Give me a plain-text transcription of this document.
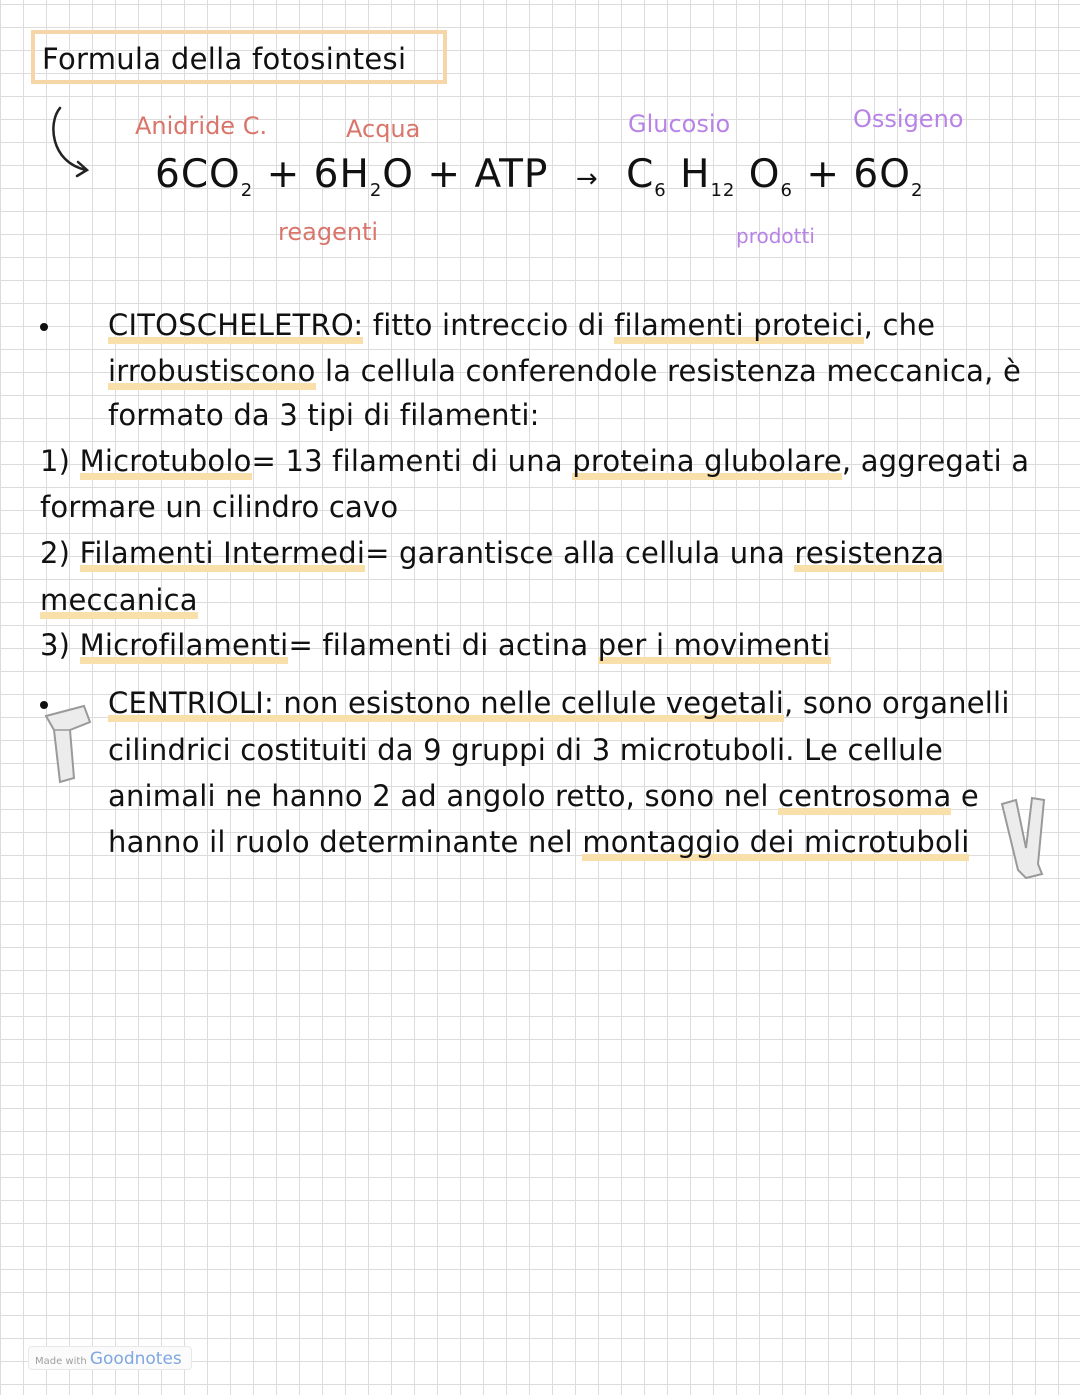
Formula della fotosintesi
Anidride C.	Acqua	Glucosio	Ossigeno
$6CO_2 + 6H_2O$ + ATP → $C_6$ $H_{12}$ $O_6 + 6O_2$
reagenti	prodotti
CITOSCHELETRO: fitto intreccio di filamenti proteici, che
irrobustiscono la cellula conferendole resistenza meccanica, è
formato da 3 tipi di filamenti:
1) Microtubolo= 13 filamenti di una proteina glubolare, aggregati a
formare un cilindro cavo
2) Filamenti Intermedi= garantisce alla cellula una resistenza
meccanica
3) Microfilamenti= filamenti di actina per i movimenti
CENTRIOLI: non esistono nelle cellule vegetali, sono organelli
cilindrici costituiti da 9 gruppi di 3 microtuboli. Le cellule
animali ne hanno 2 ad angolo retto, sono nel centrosoma e
hanno il ruolo determinante nel montaggio dei microtuboli
Made with Goodnotes
